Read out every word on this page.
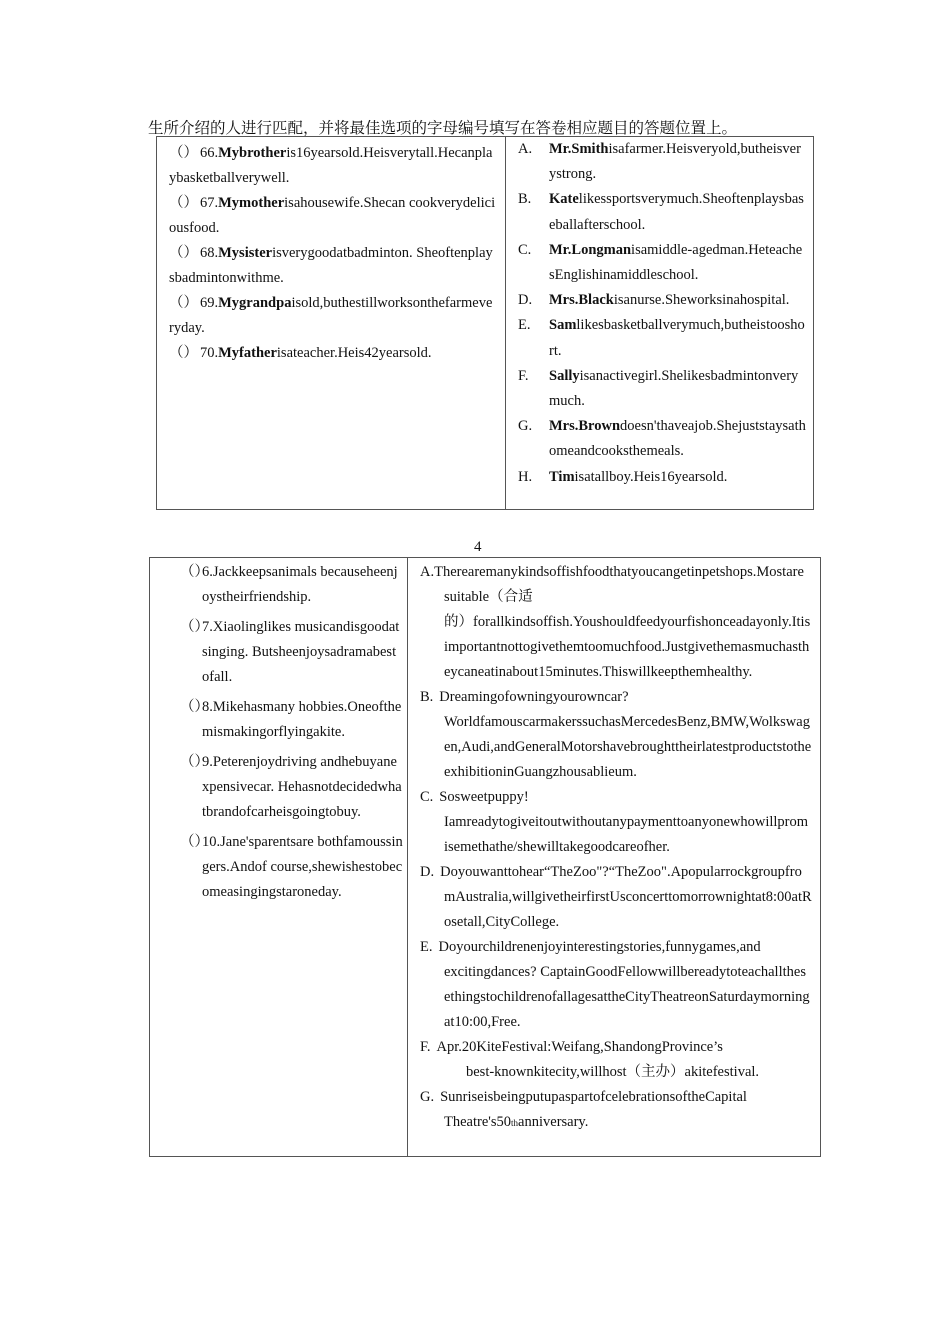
生所介绍的人进行匹配，并将最佳选项的字母编号填写在答卷相应题目的答题位置上。

（） 66.Mybrotheris16yearsold.Heisverytall.Hecanplaybasketballverywell.

（） 67.Mymotherisahousewife.Shecan cookverydeliciousfood.

（） 68.Mysisterisverygoodatbadminton. Sheoftenplaysbadmintonwithme.

（） 69.Mygrandpaisold,buthestillworksonthefarmeveryday.

（） 70.Myfatherisateacher.Heis42yearsold.

A.	Mr.Smithisafarmer.Heisveryold,butheisverystrong.
B.	Katelikessportsverymuch.Sheoftenplaysbaseballafterschool.
C.	Mr.Longmanisamiddle-agedman.HeteachesEnglishinamiddleschool.
D.	Mrs.Blackisanurse.Sheworksinahospital.
E.	Samlikesbasketballverymuch,butheistooshort.
F.	Sallyisanactivegirl.Shelikesbadmintonverymuch.
G.	Mrs.Browndoesn'thaveajob.Shejuststaysathomeandcooksthemeals.
H.	Timisatallboy.Heis16yearsold.
4
（）
6.Jackkeepsanimals becauseheenjoystheirfriendship.
（）
7.Xiaolinglikes musicandisgoodatsinging. Butsheenjoysadramabestofall.
（）
8.Mikehasmany hobbies.Oneofthemismakingorflyingakite.
（）
9.Peterenjoydriving andhebuyanexpensivecar. Hehasnotdecidedwhatbrandofcarheisgoingtobuy.
（）
10.Jane'sparentsare bothfamoussingers.Andof course,shewishestobecomeasingingstaroneday.

A.Therearemanykindsoffishfoodthatyoucangetinpetshops.Mostare
suitable（合适
的）forallkindsoffish.Youshouldfeedyourfishonceadayonly.Itisimportantnottogivethemtoomuchfood.Justgivethemasmuchastheycaneatinabout15minutes.Thiswillkeepthemhealthy.
B. Dreamingofowningyourowncar?
WorldfamouscarmakerssuchasMercedesBenz,BMW,Wolkswagen,Audi,andGeneralMotorshavebroughttheirlatestproductstotheexhibitioninGuangzhousablieum.
C. Sosweetpuppy!
Iamreadytogiveitoutwithoutanypaymenttoanyonewhowillpromisemethathe/shewilltakegoodcareofher.
D. Doyouwanttohear“TheZoo"?“TheZoo".Apopularrockgroupfro
mAustralia,willgivetheirfirstUsconcerttomorrownightat8:00atRosetall,CityCollege.
E. Doyourchildrenenjoyinterestingstories,funnygames,and
excitingdances? CaptainGoodFellowwillbereadytoteachallthesethingstochildrenofallagesattheCityTheatreonSaturdaymorningat10:00,Free.
F. Apr.20KiteFestival:Weifang,ShandongProvince’s
best-knownkitecity,willhost（主办）akitefestival.
G. SunriseisbeingputupaspartofcelebrationsoftheCapital
Theatre's50thanniversary.
